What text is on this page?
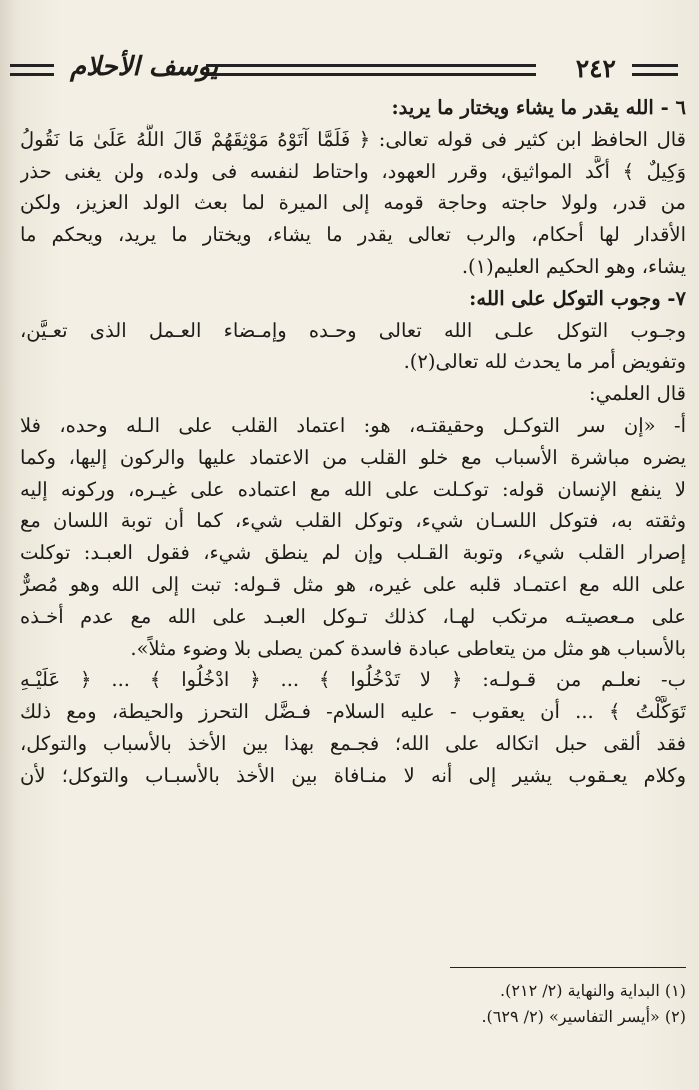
٢٤٢
يوسف الأحلام
٦ - الله يقدر ما يشاء ويختار ما يريد:
قال الحافظ ابن كثير فى قوله تعالى: ﴿ فَلَمَّا آتَوْهُ مَوْثِقَهُمْ قَالَ اللَّهُ عَلَىٰ مَا نَقُولُ
وَكِيلٌ ﴾ أكَّد المواثيق، وقرر العهود، واحتاط لنفسه فى ولده، ولن يغنى حذر
من قدر، ولولا حاجته وحاجة قومه إلى الميرة لما بعث الولد العزيز، ولكن
الأقدار لها أحكام، والرب تعالى يقدر ما يشاء، ويختار ما يريد، ويحكم ما
يشاء، وهو الحكيم العليم(١).
٧- وجوب التوكل على الله:
وجـوب التوكل علـى الله تعالى وحـده وإمـضاء العـمل الذى تعـيَّن،
وتفويض أمر ما يحدث لله تعالى(٢).
قال العلمي:
أ- «إن سر التوكـل وحقيقتـه، هو: اعتماد القلب على الـله وحده، فلا
يضره مباشرة الأسباب مع خلو القلب من الاعتماد عليها والركون إليها، وكما
لا ينفع الإنسان قوله: توكـلت على الله مع اعتماده على غيـره، وركونه إليه
وثقته به، فتوكل اللسـان شيء، وتوكل القلب شيء، كما أن توبة اللسان مع
إصرار القلب شيء، وتوبة القـلب وإن لم ينطق شيء، فقول العبـد: توكلت
على الله مع اعتمـاد قلبه على غيره، هو مثل قـوله: تبت إلى الله وهو مُصرٌّ
على مـعصيتـه مرتكب لهـا، كذلك تـوكل العبـد على الله مع عدم أخـذه
بالأسباب هو مثل من يتعاطى عبادة فاسدة كمن يصلى بلا وضوء مثلاً».
ب- نعلـم من قـولـه: ﴿ لا تَدْخُلُوا ﴾ ... ﴿ ادْخُلُوا ﴾ ... ﴿ عَلَيْـهِ
تَوَكَّلْتُ ﴾ ... أن يعقوب - عليه السلام- فـضَّل التحرز والحيطة، ومع ذلك
فقد ألقى حبل اتكاله على الله؛ فجـمع بهذا بين الأخذ بالأسباب والتوكل،
وكلام يعـقوب يشير إلى أنه لا منـافاة بين الأخذ بالأسبـاب والتوكل؛ لأن
(١) البداية والنهاية (٢/ ٢١٢).
(٢) «أيسر التفاسير» (٢/ ٦٢٩).
